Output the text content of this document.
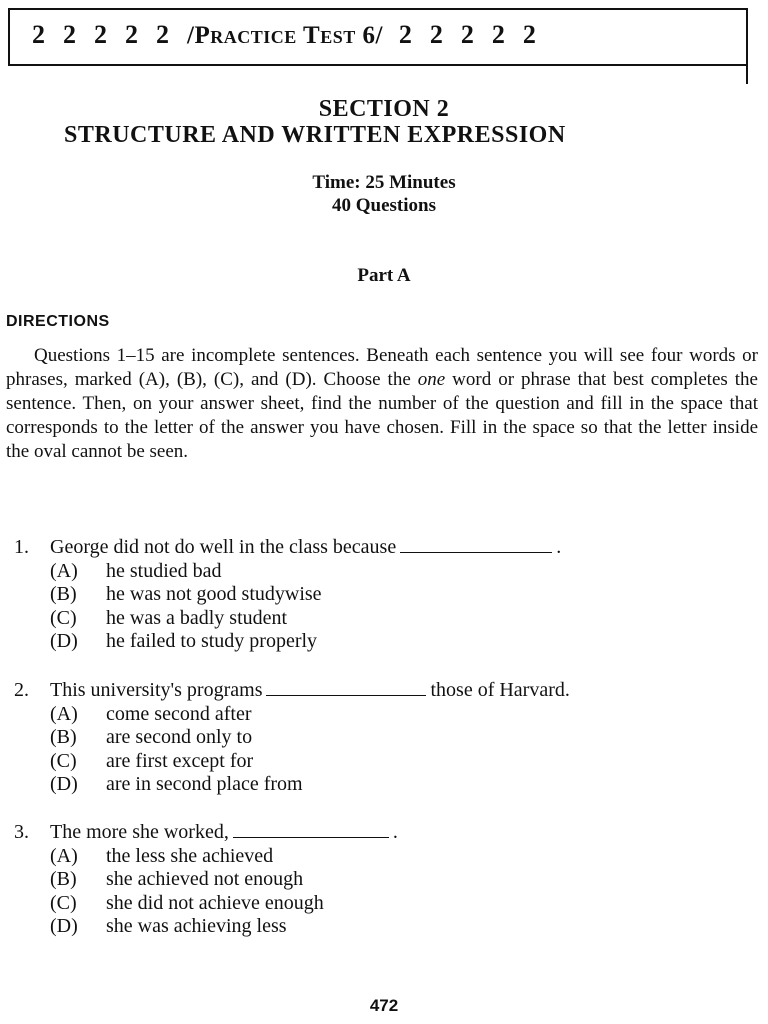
2 2 2 2 2 /Practice Test 6/ 2 2 2 2 2
SECTION 2
STRUCTURE AND WRITTEN EXPRESSION
Time: 25 Minutes
40 Questions
Part A
DIRECTIONS

Questions 1–15 are incomplete sentences. Beneath each sentence you will see four words or phrases, marked (A), (B), (C), and (D). Choose the one word or phrase that best completes the sentence. Then, on your answer sheet, find the number of the question and fill in the space that corresponds to the letter of the answer you have chosen. Fill in the space so that the letter inside the oval cannot be seen.

1. George did not do well in the class because	.
(A) he studied bad
(B) he was not good studywise
(C) he was a badly student
(D) he failed to study properly
2. This university's programs	those of Harvard.
(A) come second after
(B) are second only to
(C) are first except for
(D) are in second place from
3. The more she worked,	.
(A) the less she achieved
(B) she achieved not enough
(C) she did not achieve enough
(D) she was achieving less
472
